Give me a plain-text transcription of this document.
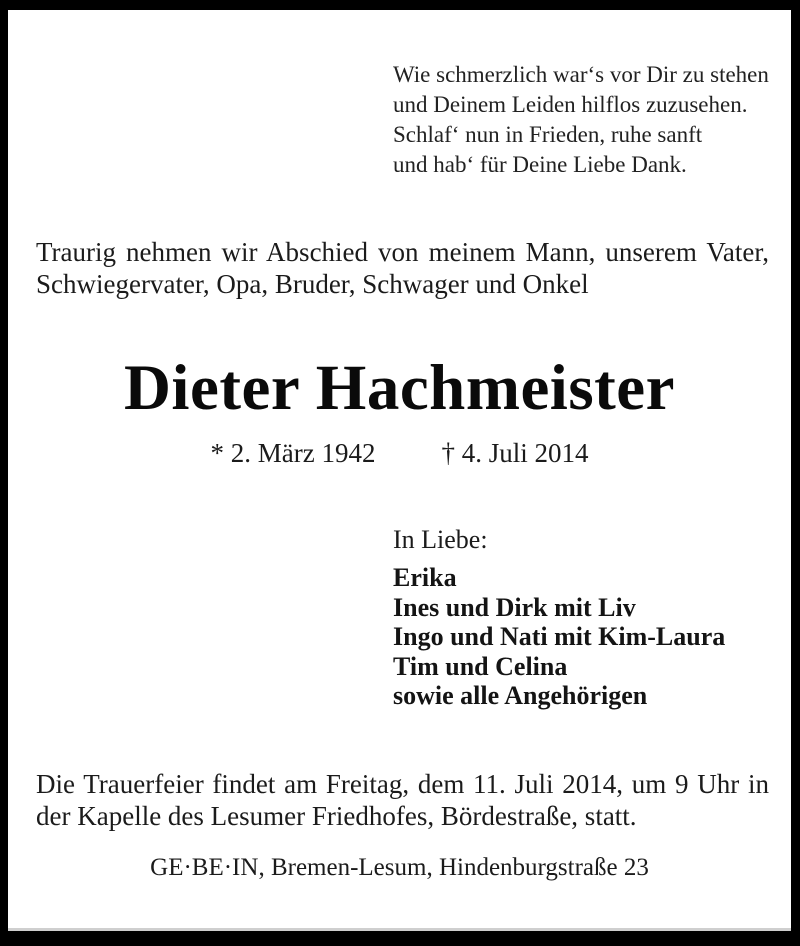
Wie schmerzlich war‘s vor Dir zu stehen
und Deinem Leiden hilflos zuzusehen.
Schlaf‘ nun in Frieden, ruhe sanft
und hab‘ für Deine Liebe Dank.
Traurig nehmen wir Abschied von meinem Mann, unserem Vater,
Schwiegervater, Opa, Bruder, Schwager und Onkel
Dieter Hachmeister
* 2. März 1942 † 4. Juli 2014
In Liebe:
Erika
Ines und Dirk mit Liv
Ingo und Nati mit Kim-Laura
Tim und Celina
sowie alle Angehörigen
Die Trauerfeier findet am Freitag, dem 11. Juli 2014, um 9 Uhr in
der Kapelle des Lesumer Friedhofes, Bördestraße, statt.
GE·BE·IN, Bremen-Lesum, Hindenburgstraße 23
